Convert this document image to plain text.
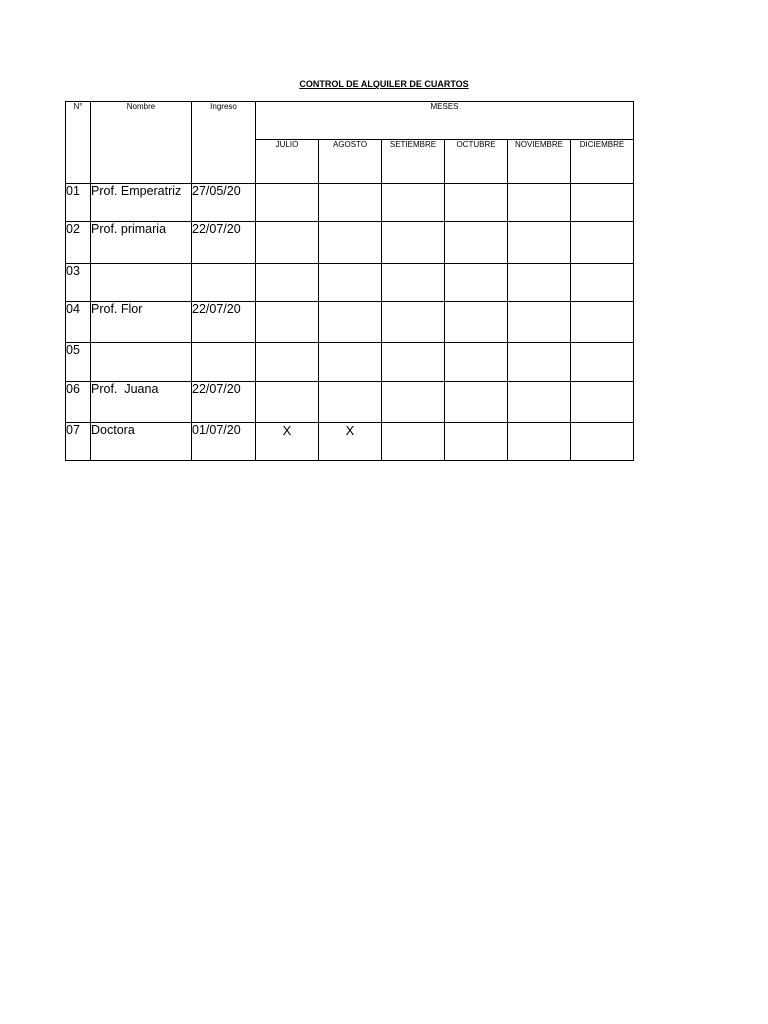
CONTROL DE ALQUILER DE CUARTOS
N°	Nombre	Ingreso	MESES					
			JULIO	AGOSTO	SETIEMBRE	OCTUBRE	NOVIEMBRE	DICIEMBRE
01	Prof. Emperatriz	27/05/20						
02	Prof. primaria	22/07/20						
03								
04	Prof. Flor	22/07/20						
05								
06	Prof.  Juana	22/07/20						
07	Doctora	01/07/20	X	X				
